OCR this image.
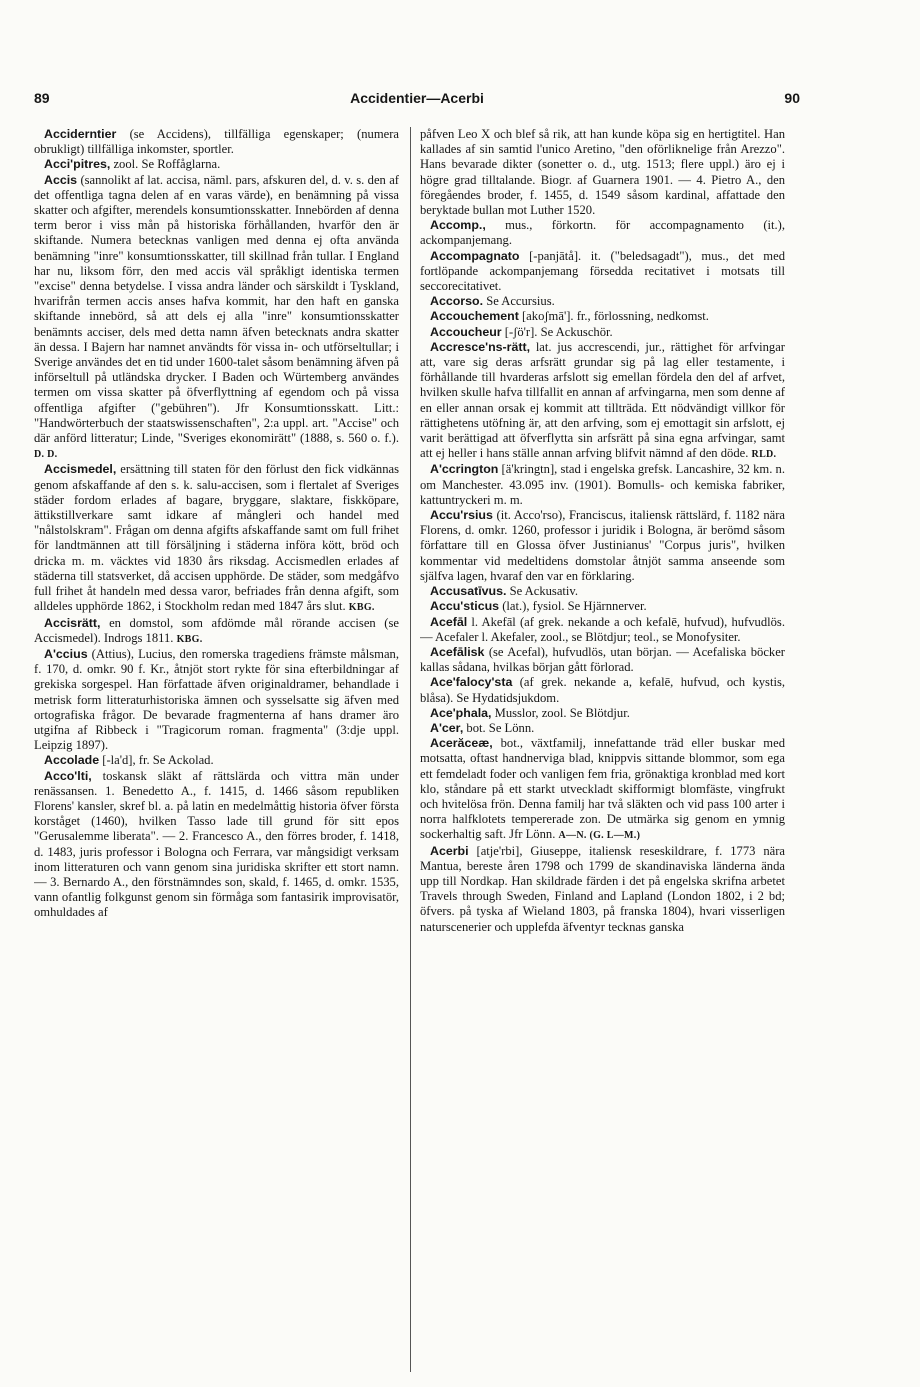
89	Accidentier—Acerbi	90

Acciderntier (se Accidens), tillfälliga egenskaper; (numera obrukligt) tillfälliga inkomster, sportler.

Acci'pitres, zool. Se Roffåglarna.

Accis (sannolikt af lat. accisa, näml. pars, afskuren del, d. v. s. den af det offentliga tagna delen af en varas värde), en benämning på vissa skatter och afgifter, merendels konsumtionsskatter. Innebörden af denna term beror i viss mån på historiska förhållanden, hvarför den är skiftande. Numera betecknas vanligen med denna ej ofta använda benämning "inre" konsumtionsskatter, till skillnad från tullar. I England har nu, liksom förr, den med accis väl språkligt identiska termen "excise" denna betydelse. I vissa andra länder och särskildt i Tyskland, hvarifrån termen accis anses hafva kommit, har den haft en ganska skiftande innebörd, så att dels ej alla "inre" konsumtionsskatter benämnts acciser, dels med detta namn äfven betecknats andra skatter än dessa. I Bajern har namnet användts för vissa in- och utförseltullar; i Sverige användes det en tid under 1600-talet såsom benämning äfven på införseltull på utländska drycker. I Baden och Würtemberg användes termen om vissa skatter på öfverflyttning af egendom och på vissa offentliga afgifter ("gebühren"). Jfr Konsumtionsskatt. Litt.: "Handwörterbuch der staatswissenschaften", 2:a uppl. art. "Accise" och där anförd litteratur; Linde, "Sveriges ekonomirätt" (1888, s. 560 o. f.). D. D.

Accismedel, ersättning till staten för den förlust den fick vidkännas genom afskaffande af den s. k. salu-accisen, som i flertalet af Sveriges städer fordom erlades af bagare, bryggare, slaktare, fiskköpare, ättikstillverkare samt idkare af månglerі och handel med "nålstolskram". Frågan om denna afgifts afskaffande samt om full frihet för landtmännen att till försäljning i städerna införa kött, bröd och dricka m. m. väcktes vid 1830 års riksdag. Accismedlen erlades af städerna till statsverket, då accisen upphörde. De städer, som medgåfvo full frihet åt handeln med dessa varor, befriades från denna afgift, som alldeles upphörde 1862, i Stockholm redan med 1847 års slut. KBG.

Accisrätt, en domstol, som afdömde mål rörande accisen (se Accismedel). Indrogs 1811. KBG.

A'ccius (Attius), Lucius, den romerska tragediens främste målsman, f. 170, d. omkr. 90 f. Kr., åtnjöt stort rykte för sina efterbildningar af grekiska sorgespel. Han författade äfven originaldramer, behandlade i metrisk form litteraturhistoriska ämnen och sysselsatte sig äfven med ortografiska frågor. De bevarade fragmenterna af hans dramer äro utgifna af Ribbeck i "Tragicorum roman. fragmenta" (3:dje uppl. Leipzig 1897).

Accolade [-la'd], fr. Se Ackolad.

Acco'lti, toskansk släkt af rättslärda och vittra män under renässansen. 1. Benedetto A., f. 1415, d. 1466 såsom republiken Florens' kansler, skref bl. a. på latin en medelmåttig historia öfver första korståget (1460), hvilken Tasso lade till grund för sitt epos "Gerusalemme liberata". — 2. Francesco A., den förres broder, f. 1418, d. 1483, juris professor i Bologna och Ferrara, var mångsidigt verksam inom litteraturen och vann genom sina juridiska skrifter ett stort namn. — 3. Bernardo A., den förstnämndes son, skald, f. 1465, d. omkr. 1535, vann ofantlig folkgunst genom sin förmåga som fantasirik improvisatör, omhuldades af

påfven Leo X och blef så rik, att han kunde köpa sig en hertigtitel. Han kallades af sin samtid l'unico Aretino, "den oförliknelige från Arezzo". Hans bevarade dikter (sonetter o. d., utg. 1513; flere uppl.) äro ej i högre grad tilltalande. Biogr. af Guarnera 1901. — 4. Pietro A., den föregåendes broder, f. 1455, d. 1549 såsom kardinal, affattade den beryktade bullan mot Luther 1520.

Accomp., mus., förkortn. för accompagnamento (it.), ackompanjemang.

Accompagnato [-panjātå]. it. ("beledsagadt"), mus., det med fortlöpande ackompanjemang försedda recitativet i motsats till seccorecitativet.

Accorso. Se Accursius.

Accouchement [akoʃmā']. fr., förlossning, nedkomst.

Accoucheur [-ʃö'r]. Se Ackuschör.

Accresce'ns-rätt, lat. jus accrescendi, jur., rättighet för arfvingar att, vare sig deras arfsrätt grundar sig på lag eller testamente, i förhållande till hvarderas arfslott sig emellan fördela den del af arfvet, hvilken skulle hafva tillfallit en annan af arfvingarna, men som denne af en eller annan orsak ej kommit att tillträda. Ett nödvändigt villkor för rättighetens utöfning är, att den arfving, som ej emottagit sin arfslott, ej varit berättigad att öfverflytta sin arfsrätt på sina egna arfvingar, samt att ej heller i hans ställe annan arfving blifvit nämnd af den döde. RLD.

A'ccrington [ä'kringtn], stad i engelska grefsk. Lancashire, 32 km. n. om Manchester. 43.095 inv. (1901). Bomulls- och kemiska fabriker, kattuntryckeri m. m.

Accu'rsius (it. Acco'rso), Franciscus, italiensk rättslärd, f. 1182 nära Florens, d. omkr. 1260, professor i juridik i Bologna, är berömd såsom författare till en Glossa öfver Justinianus' "Corpus juris", hvilken kommentar vid medeltidens domstolar åtnjöt samma anseende som själfva lagen, hvaraf den var en förklaring.

Accusatīvus. Se Ackusativ.

Accu'sticus (lat.), fysiol. Se Hjärnnerver.

Acefāl l. Akefāl (af grek. nekande a och kefalē, hufvud), hufvudlös. — Acefaler l. Akefaler, zool., se Blötdjur; teol., se Monofysiter.

Acefālisk (se Acefal), hufvudlös, utan början. — Acefaliska böcker kallas sådana, hvilkas början gått förlorad.

Ace'falocy'sta (af grek. nekande a, kefalē, hufvud, och kystis, blåsa). Se Hydatidsjukdom.

Ace'phala, Musslor, zool. Se Blötdjur.

A'cer, bot. Se Lönn.

Acerăceæ, bot., växtfamilj, innefattande träd eller buskar med motsatta, oftast handnerviga blad, knippvis sittande blommor, som ega ett femdeladt foder och vanligen fem fria, grönaktiga kronblad med kort klo, ståndare på ett starkt utveckladt skifformigt blomfäste, vingfrukt och hvitelösa frön. Denna familj har två släkten och vid pass 100 arter i norra halfklotets tempererade zon. De utmärka sig genom en ymnig sockerhaltig saft. Jfr Lönn. A—N. (G. L—M.)

Acerbi [atje'rbi], Giuseppe, italiensk reseskildrare, f. 1773 nära Mantua, bereste åren 1798 och 1799 de skandinaviska länderna ända upp till Nordkap. Han skildrade färden i det på engelska skrifna arbetet Travels through Sweden, Finland and Lapland (London 1802, i 2 bd; öfvers. på tyska af Wieland 1803, på franska 1804), hvari visserligen naturscenerier och upplefda äfventyr tecknas ganska
